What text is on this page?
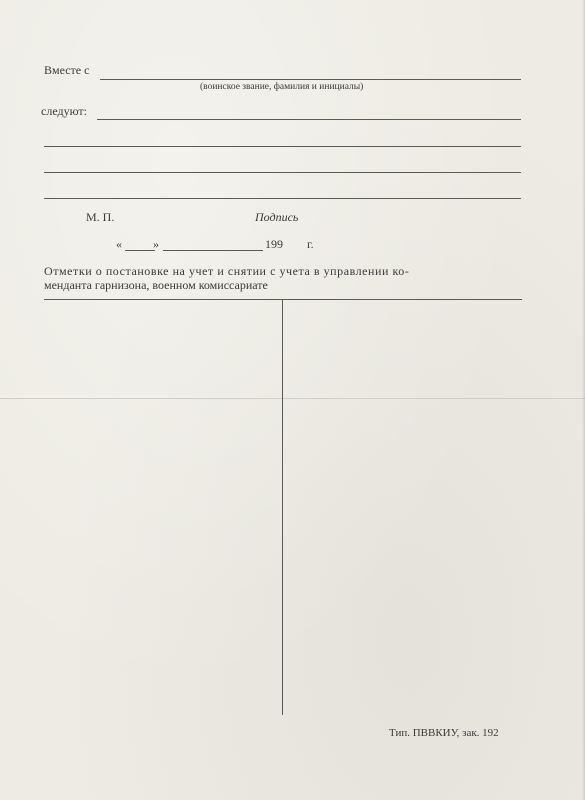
Вместе с
(воинское звание, фамилия и инициалы)
следуют:
М. П.	Подпись
«	»	199 г.
Отметки о постановке на учет и снятии с учета в управлении ко-
менданта гарнизона, военном комиссариате
Тип. ПВВКИУ, зак. 192
